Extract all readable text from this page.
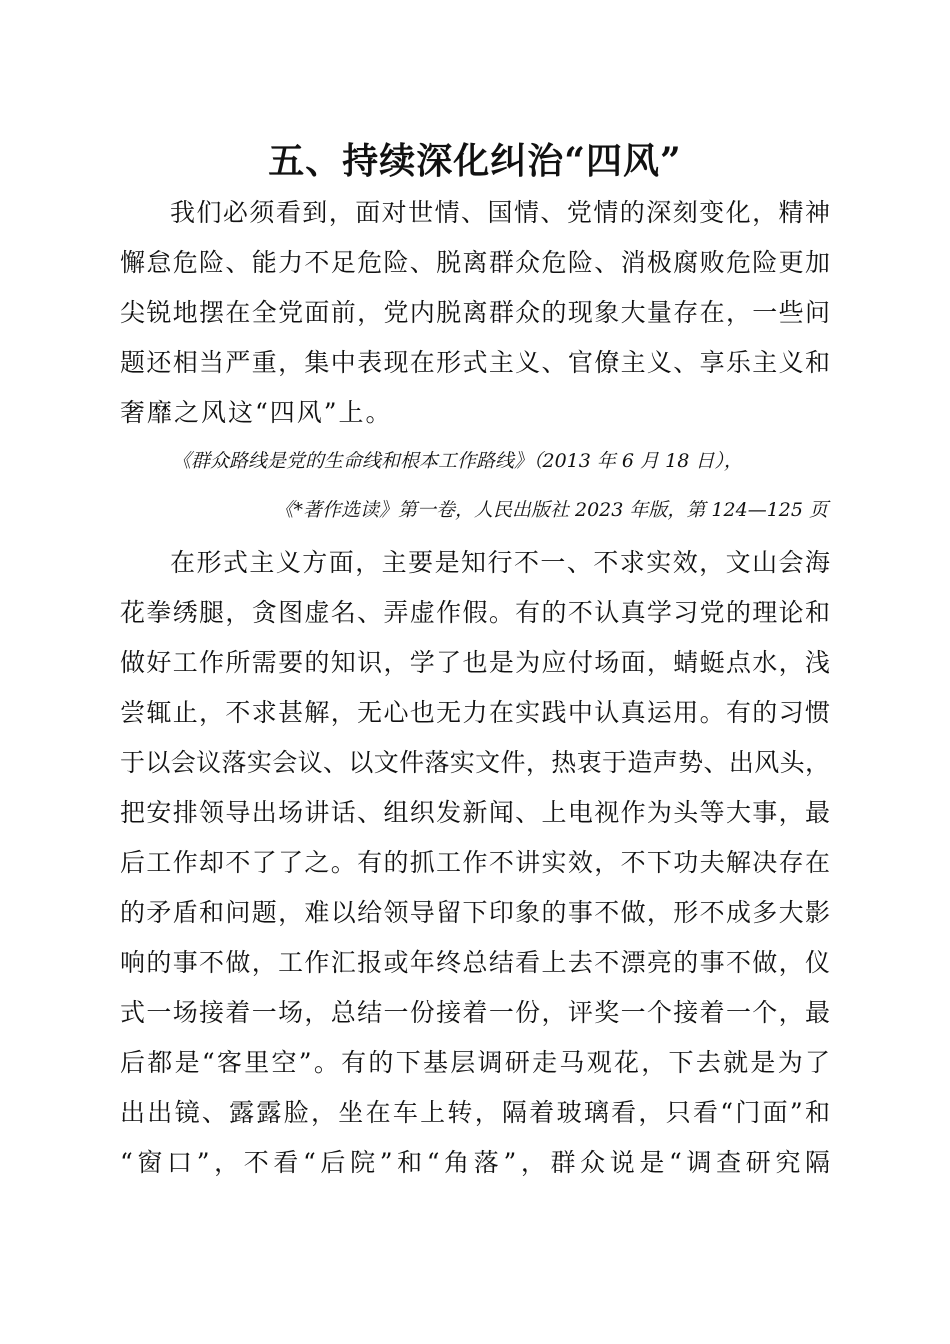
五、持续深化纠治“四风”

我们必须看到，面对世情、国情、党情的深刻变化，精神

懈怠危险、能力不足危险、脱离群众危险、消极腐败危险更加

尖锐地摆在全党面前，党内脱离群众的现象大量存在，一些问

题还相当严重，集中表现在形式主义、官僚主义、享乐主义和

奢靡之风这“四风”上。

《群众路线是党的生命线和根本工作路线》（2013 年 6 月 18 日），

《*著作选读》第一卷，人民出版社 2023 年版，第 124—125 页

在形式主义方面，主要是知行不一、不求实效，文山会海

花拳绣腿，贪图虚名、弄虚作假。有的不认真学习党的理论和

做好工作所需要的知识，学了也是为应付场面，蜻蜓点水，浅

尝辄止，不求甚解，无心也无力在实践中认真运用。有的习惯

于以会议落实会议、以文件落实文件，热衷于造声势、出风头，

把安排领导出场讲话、组织发新闻、上电视作为头等大事，最

后工作却不了了之。有的抓工作不讲实效，不下功夫解决存在

的矛盾和问题，难以给领导留下印象的事不做，形不成多大影

响的事不做，工作汇报或年终总结看上去不漂亮的事不做，仪

式一场接着一场，总结一份接着一份，评奖一个接着一个，最

后都是“客里空”。有的下基层调研走马观花，下去就是为了

出出镜、露露脸，坐在车上转，隔着玻璃看，只看“门面”和

“窗口”，不看“后院”和“角落”，群众说是“调查研究隔
